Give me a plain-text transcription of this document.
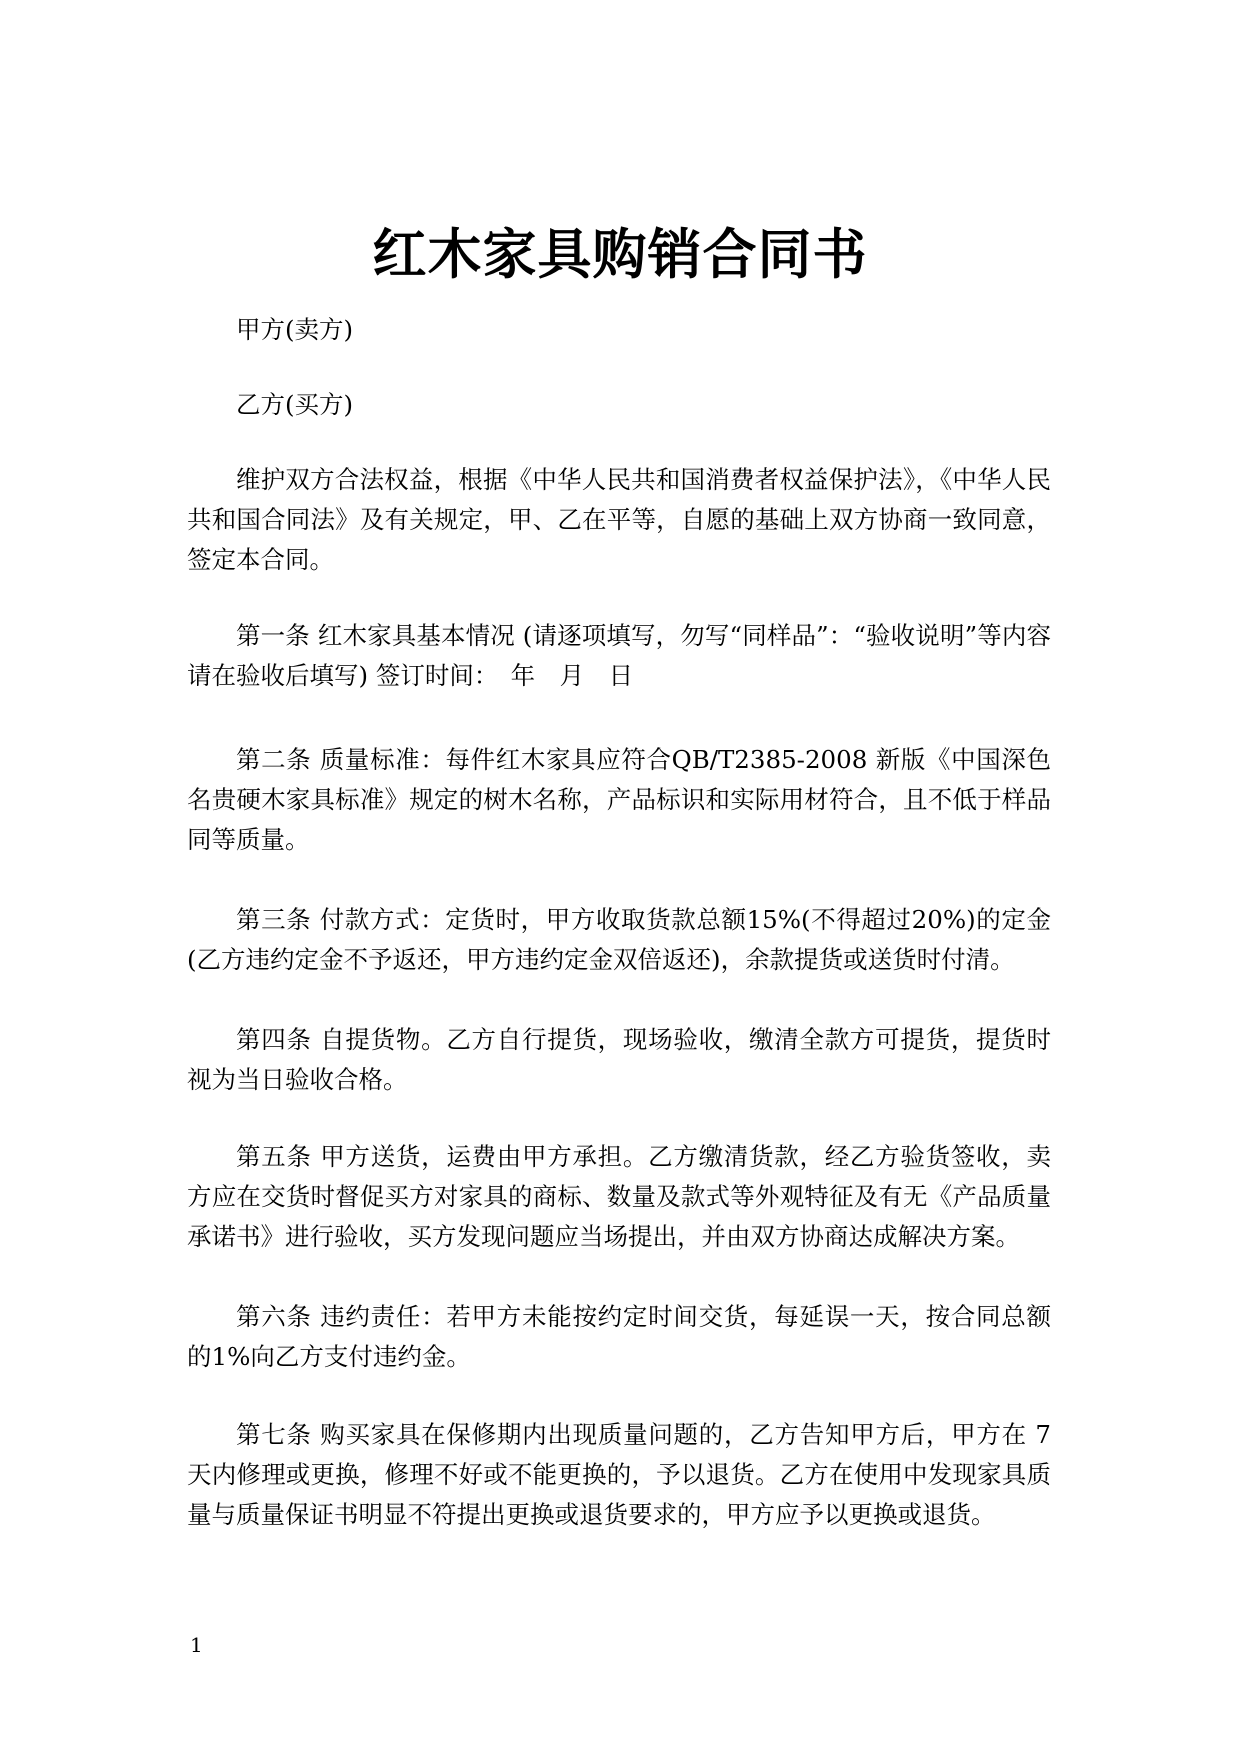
红木家具购销合同书

甲方(卖方)

乙方(买方)

维护双方合法权益，根据《中华人民共和国消费者权益保护法》，《中华人民共和国合同法》及有关规定，甲、乙在平等，自愿的基础上双方协商一致同意，签定本合同。

第一条 红木家具基本情况 (请逐项填写，勿写“同样品”：“验收说明”等内容请在验收后填写) 签订时间：　年　月　日

第二条 质量标准：每件红木家具应符合QB/T2385-2008 新版《中国深色名贵硬木家具标准》规定的树木名称，产品标识和实际用材符合，且不低于样品同等质量。

第三条 付款方式：定货时，甲方收取货款总额15%(不得超过20%)的定金(乙方违约定金不予返还，甲方违约定金双倍返还)，余款提货或送货时付清。

第四条 自提货物。乙方自行提货，现场验收，缴清全款方可提货，提货时视为当日验收合格。

第五条 甲方送货，运费由甲方承担。乙方缴清货款，经乙方验货签收，卖方应在交货时督促买方对家具的商标、数量及款式等外观特征及有无《产品质量承诺书》进行验收，买方发现问题应当场提出，并由双方协商达成解决方案。

第六条 违约责任：若甲方未能按约定时间交货，每延误一天，按合同总额的1%向乙方支付违约金。

第七条 购买家具在保修期内出现质量问题的，乙方告知甲方后，甲方在 7天内修理或更换，修理不好或不能更换的，予以退货。乙方在使用中发现家具质量与质量保证书明显不符提出更换或退货要求的，甲方应予以更换或退货。

1
